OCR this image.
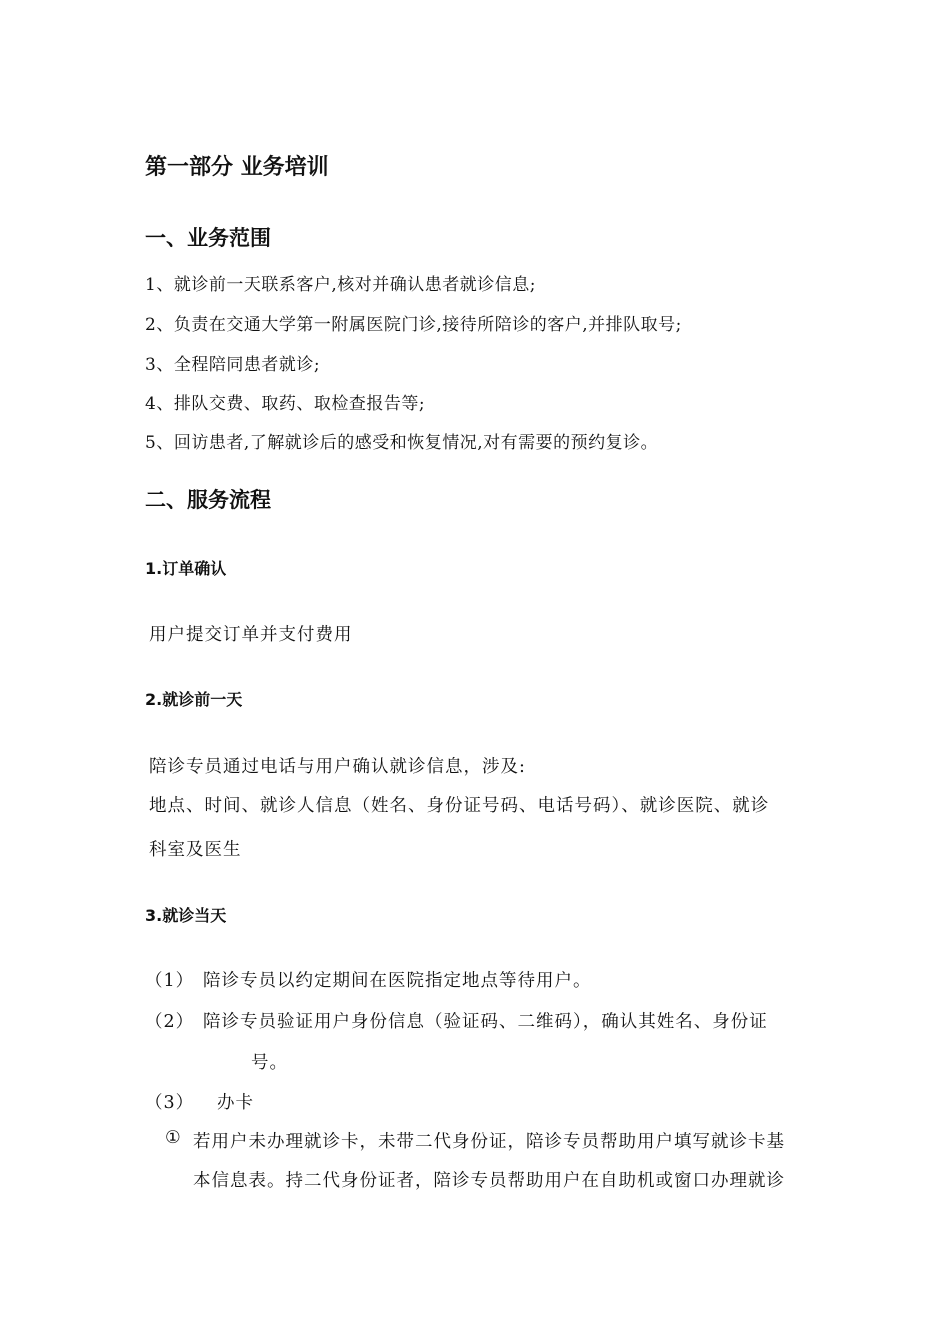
第一部分 业务培训
一、业务范围
1、就诊前一天联系客户,核对并确认患者就诊信息;
2、负责在交通大学第一附属医院门诊,接待所陪诊的客户,并排队取号;
3、全程陪同患者就诊;
4、排队交费、取药、取检查报告等;
5、回访患者,了解就诊后的感受和恢复情况,对有需要的预约复诊。
二、服务流程
1.订单确认
用户提交订单并支付费用
2.就诊前一天
陪诊专员通过电话与用户确认就诊信息，涉及:
地点、时间、就诊人信息（姓名、身份证号码、电话号码）、就诊医院、就诊
科室及医生
3.就诊当天
（1） 陪诊专员以约定期间在医院指定地点等待用户。
（2） 陪诊专员验证用户身份信息（验证码、二维码），确认其姓名、身份证
号。
（3） 办卡
① 若用户未办理就诊卡，未带二代身份证，陪诊专员帮助用户填写就诊卡基
本信息表。持二代身份证者，陪诊专员帮助用户在自助机或窗口办理就诊
